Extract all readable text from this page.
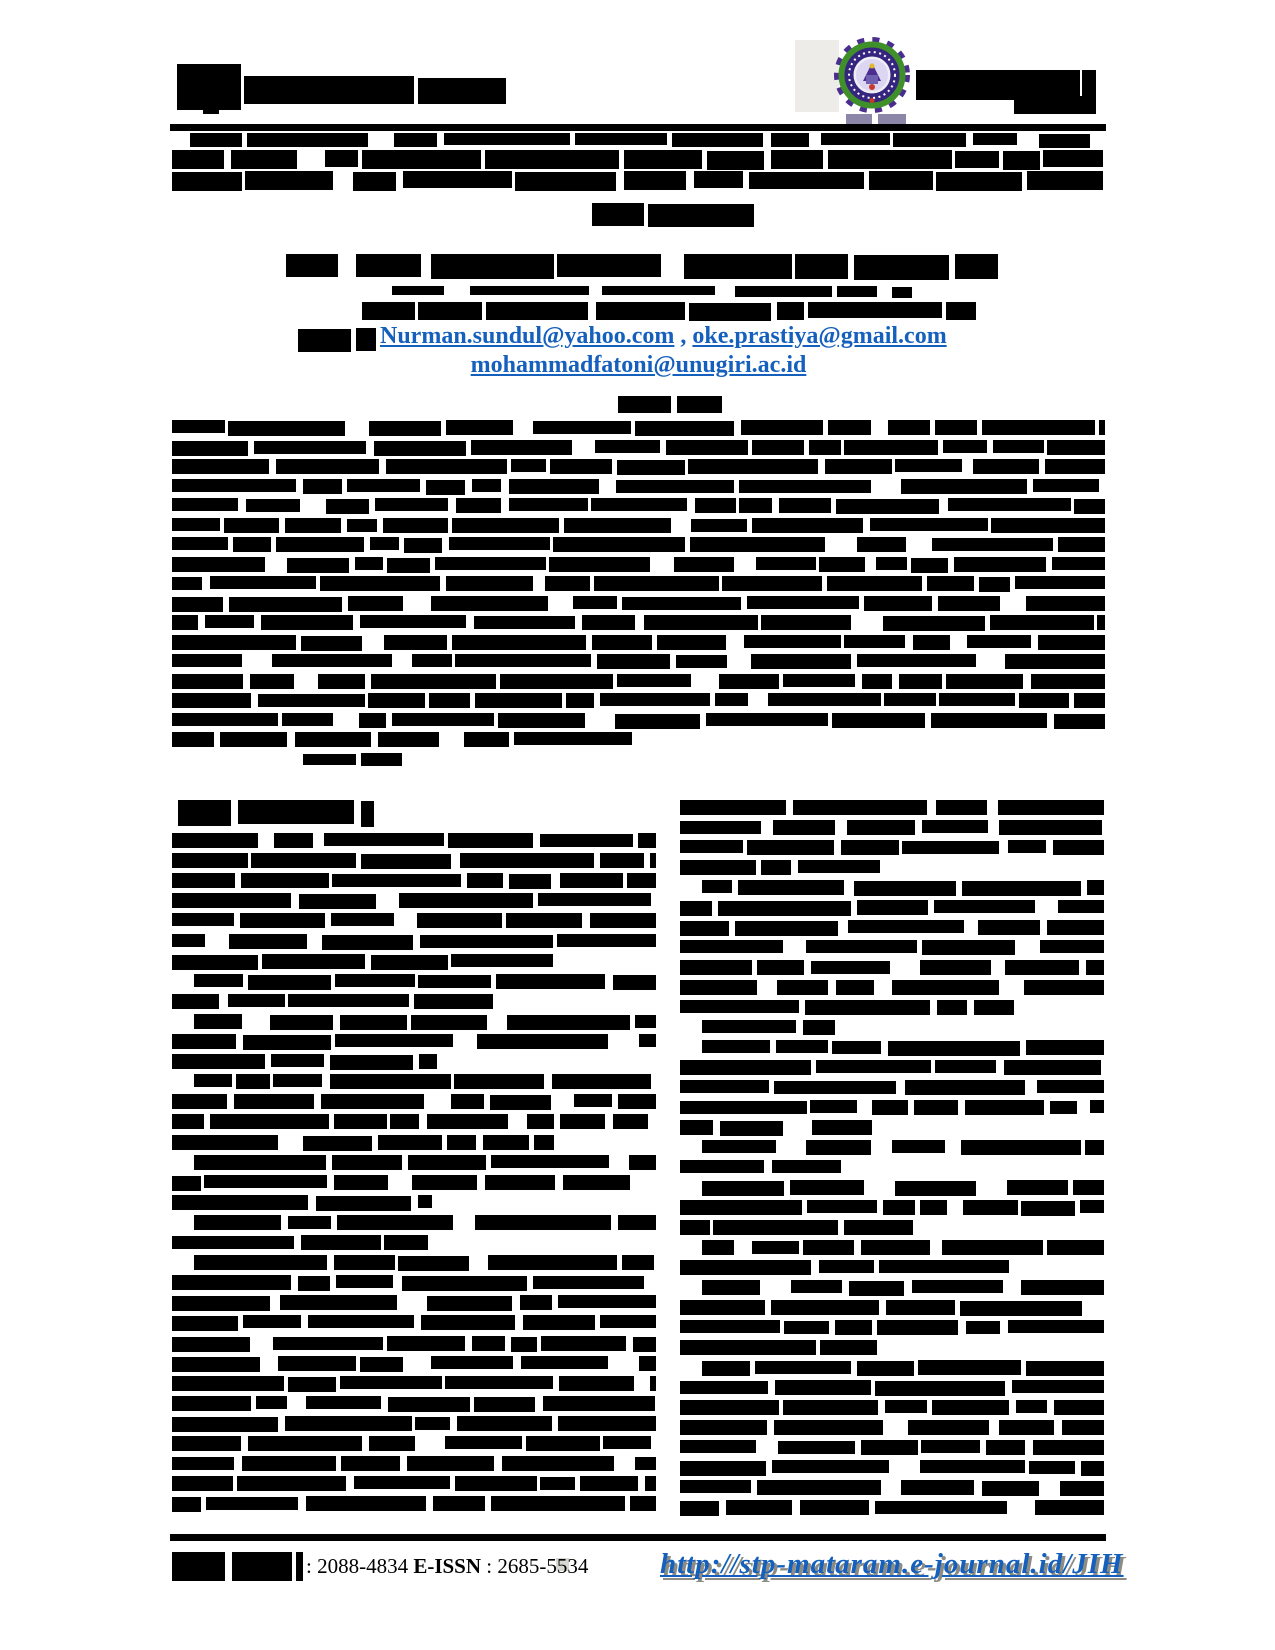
Nurman.sundul@yahoo.com , oke.prastiya@gmail.com
mohammadfatoni@unugiri.ac.id
: 2088-4834 E-ISSN : 2685-5534 http://stp-mataram.e-journal.id/JIH
